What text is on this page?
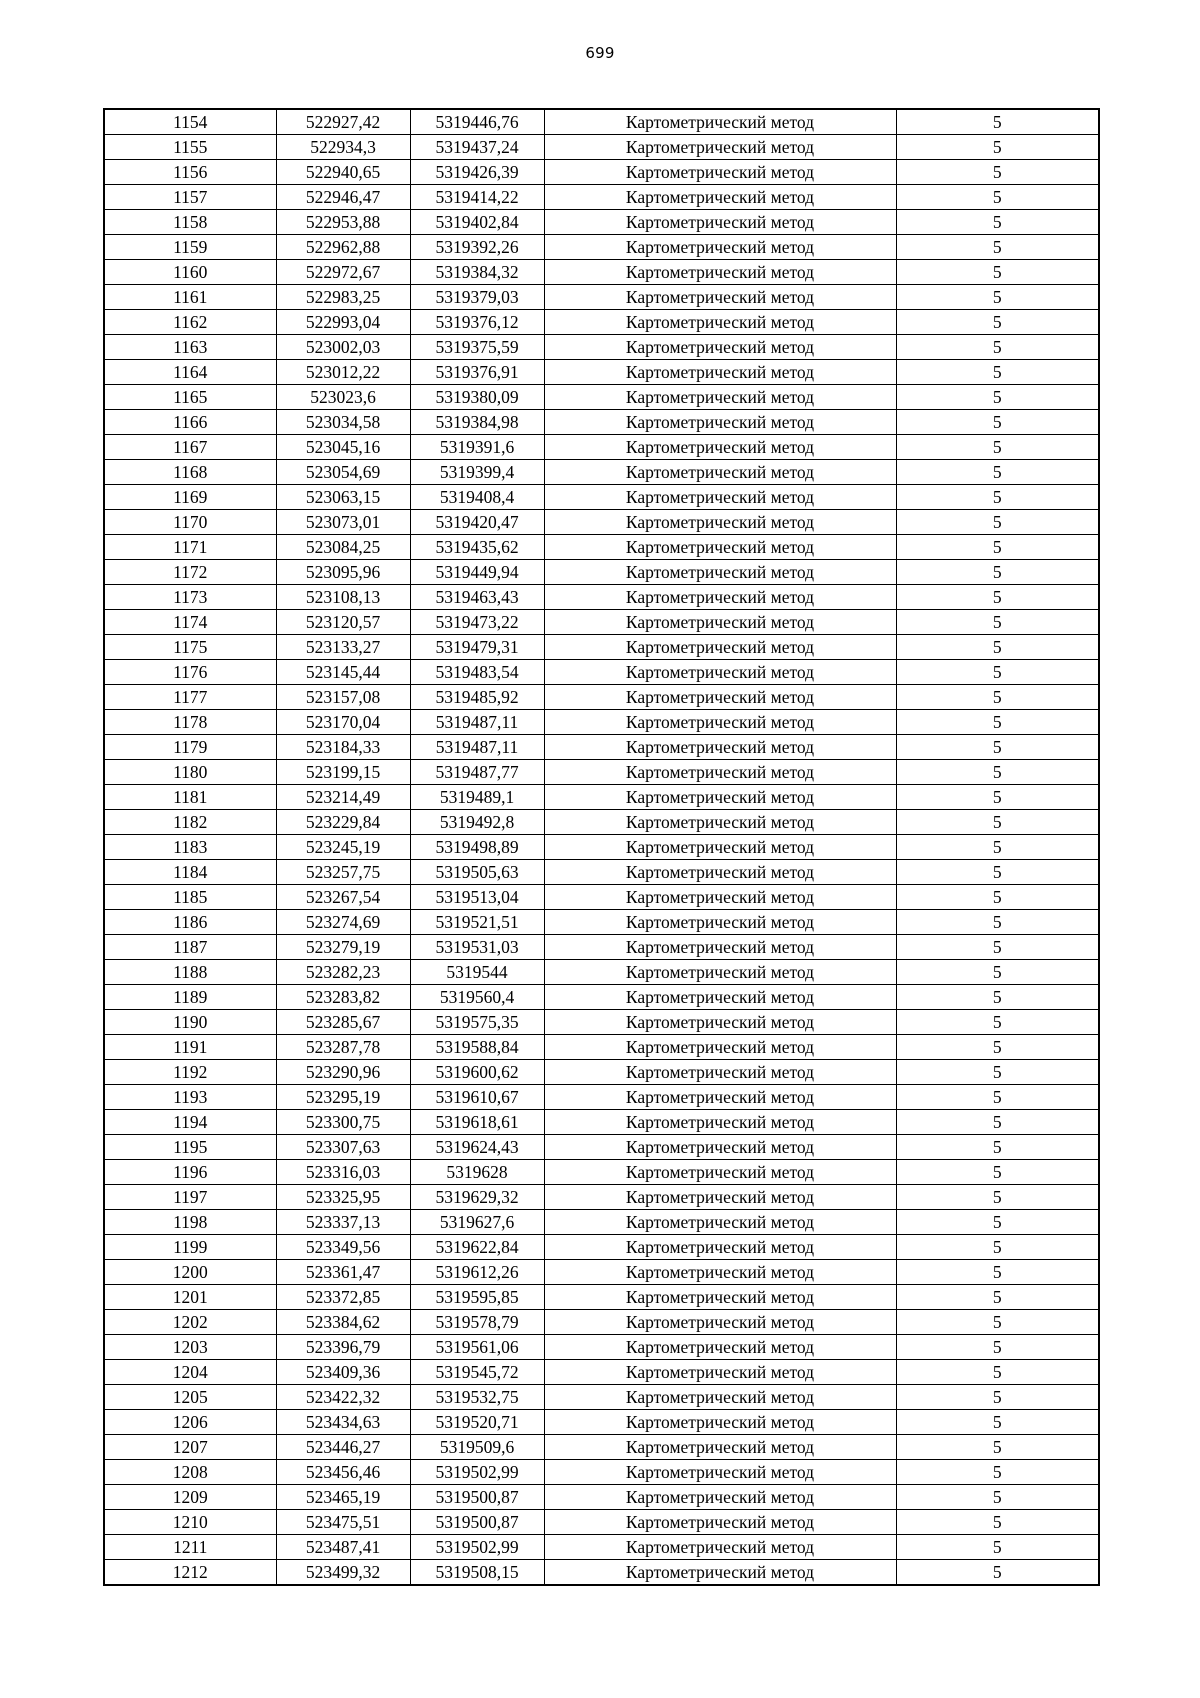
699
1154	522927,42	5319446,76	Картометрический метод	5
1155	522934,3	5319437,24	Картометрический метод	5
1156	522940,65	5319426,39	Картометрический метод	5
1157	522946,47	5319414,22	Картометрический метод	5
1158	522953,88	5319402,84	Картометрический метод	5
1159	522962,88	5319392,26	Картометрический метод	5
1160	522972,67	5319384,32	Картометрический метод	5
1161	522983,25	5319379,03	Картометрический метод	5
1162	522993,04	5319376,12	Картометрический метод	5
1163	523002,03	5319375,59	Картометрический метод	5
1164	523012,22	5319376,91	Картометрический метод	5
1165	523023,6	5319380,09	Картометрический метод	5
1166	523034,58	5319384,98	Картометрический метод	5
1167	523045,16	5319391,6	Картометрический метод	5
1168	523054,69	5319399,4	Картометрический метод	5
1169	523063,15	5319408,4	Картометрический метод	5
1170	523073,01	5319420,47	Картометрический метод	5
1171	523084,25	5319435,62	Картометрический метод	5
1172	523095,96	5319449,94	Картометрический метод	5
1173	523108,13	5319463,43	Картометрический метод	5
1174	523120,57	5319473,22	Картометрический метод	5
1175	523133,27	5319479,31	Картометрический метод	5
1176	523145,44	5319483,54	Картометрический метод	5
1177	523157,08	5319485,92	Картометрический метод	5
1178	523170,04	5319487,11	Картометрический метод	5
1179	523184,33	5319487,11	Картометрический метод	5
1180	523199,15	5319487,77	Картометрический метод	5
1181	523214,49	5319489,1	Картометрический метод	5
1182	523229,84	5319492,8	Картометрический метод	5
1183	523245,19	5319498,89	Картометрический метод	5
1184	523257,75	5319505,63	Картометрический метод	5
1185	523267,54	5319513,04	Картометрический метод	5
1186	523274,69	5319521,51	Картометрический метод	5
1187	523279,19	5319531,03	Картометрический метод	5
1188	523282,23	5319544	Картометрический метод	5
1189	523283,82	5319560,4	Картометрический метод	5
1190	523285,67	5319575,35	Картометрический метод	5
1191	523287,78	5319588,84	Картометрический метод	5
1192	523290,96	5319600,62	Картометрический метод	5
1193	523295,19	5319610,67	Картометрический метод	5
1194	523300,75	5319618,61	Картометрический метод	5
1195	523307,63	5319624,43	Картометрический метод	5
1196	523316,03	5319628	Картометрический метод	5
1197	523325,95	5319629,32	Картометрический метод	5
1198	523337,13	5319627,6	Картометрический метод	5
1199	523349,56	5319622,84	Картометрический метод	5
1200	523361,47	5319612,26	Картометрический метод	5
1201	523372,85	5319595,85	Картометрический метод	5
1202	523384,62	5319578,79	Картометрический метод	5
1203	523396,79	5319561,06	Картометрический метод	5
1204	523409,36	5319545,72	Картометрический метод	5
1205	523422,32	5319532,75	Картометрический метод	5
1206	523434,63	5319520,71	Картометрический метод	5
1207	523446,27	5319509,6	Картометрический метод	5
1208	523456,46	5319502,99	Картометрический метод	5
1209	523465,19	5319500,87	Картометрический метод	5
1210	523475,51	5319500,87	Картометрический метод	5
1211	523487,41	5319502,99	Картометрический метод	5
1212	523499,32	5319508,15	Картометрический метод	5
